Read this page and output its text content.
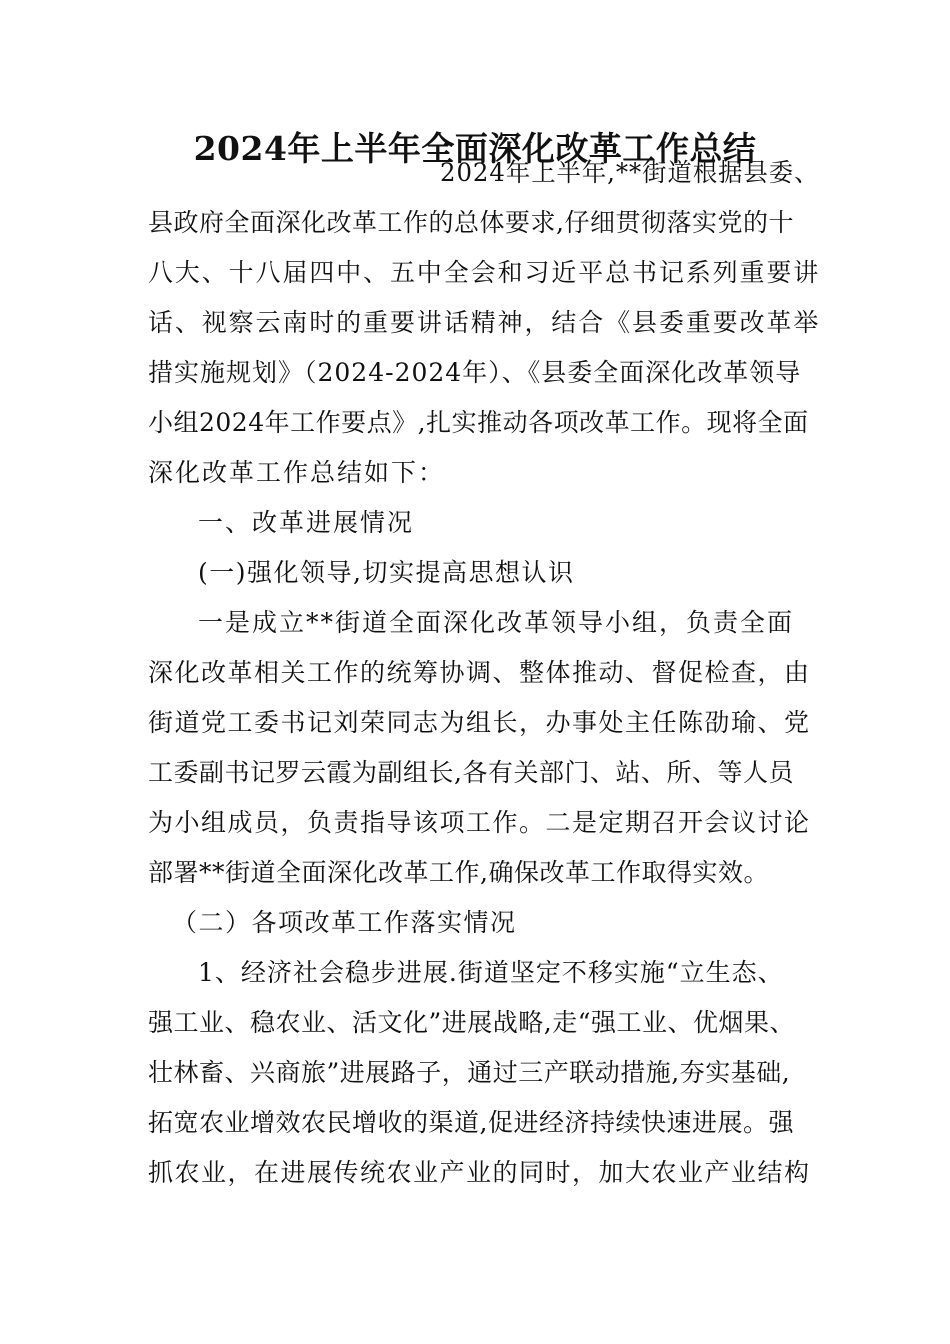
2024年上半年全面深化改革工作总结

2024年上半年,**街道根据县委、

县政府全面深化改革工作的总体要求,仔细贯彻落实党的十

八大、十八届四中、五中全会和习近平总书记系列重要讲

话、视察云南时的重要讲话精神，结合《县委重要改革举

措实施规划》（2024-2024年）、《县委全面深化改革领导

小组2024年工作要点》,扎实推动各项改革工作。现将全面

深化改革工作总结如下：

一、改革进展情况

(一)强化领导,切实提高思想认识

一是成立**街道全面深化改革领导小组，负责全面

深化改革相关工作的统筹协调、整体推动、督促检查，由

街道党工委书记刘荣同志为组长，办事处主任陈劭瑜、党

工委副书记罗云霞为副组长,各有关部门、站、所、等人员

为小组成员，负责指导该项工作。二是定期召开会议讨论

部署**街道全面深化改革工作,确保改革工作取得实效。

（二）各项改革工作落实情况

1、经济社会稳步进展.街道坚定不移实施“立生态、

强工业、稳农业、活文化”进展战略,走“强工业、优烟果、

壮林畜、兴商旅”进展路子，通过三产联动措施,夯实基础,

拓宽农业增效农民增收的渠道,促进经济持续快速进展。强

抓农业，在进展传统农业产业的同时，加大农业产业结构
